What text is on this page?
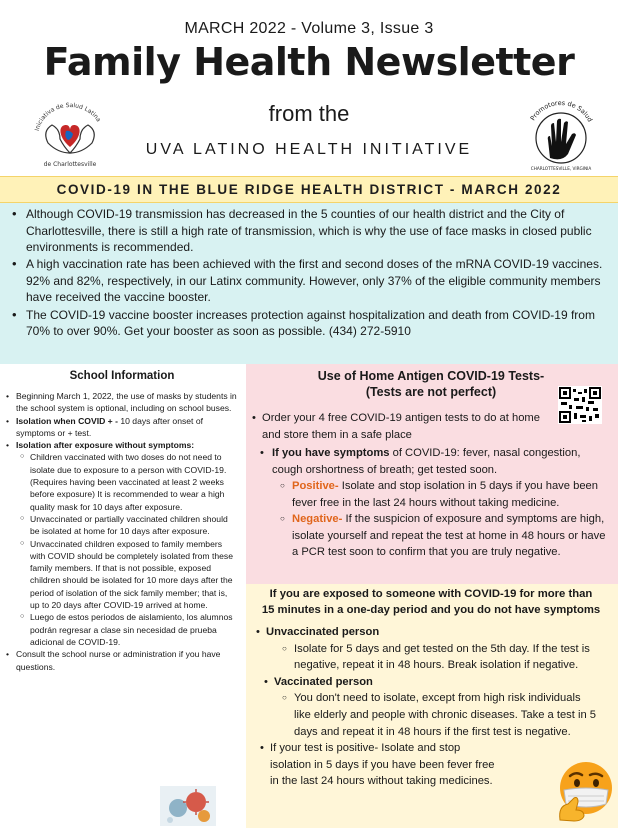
MARCH 2022 - Volume 3, Issue 3
Family Health Newsletter
from the
UVA LATINO HEALTH INITIATIVE
Iniciativa de Salud Latina
de Charlottesville
Promotores de Salud
CHARLOTTESVILLE, VIRGINIA
COVID-19 IN THE BLUE RIDGE HEALTH DISTRICT - MARCH 2022
• Although COVID-19 transmission has decreased in the 5 counties of our health district and the City of Charlottesville, there is still a high rate of transmission, which is why the use of face masks in closed public environments is recommended.
• A high vaccination rate has been achieved with the first and second doses of the mRNA COVID-19 vaccines. 92% and 82%, respectively, in our Latinx community. However, only 37% of the eligible community members have received the vaccine booster.
• The COVID-19 vaccine booster increases protection against hospitalization and death from COVID-19 from 70% to over 90%. Get your booster as soon as possible. (434) 272-5910
School Information
• Beginning March 1, 2022, the use of masks by students in the school system is optional, including on school buses.
• Isolation when COVID + - 10 days after onset of symptoms or + test.
• Isolation after exposure without symptoms:
○ Children vaccinated with two doses do not need to isolate due to exposure to a person with COVID-19. (Requires having been vaccinated at least 2 weeks before exposure) It is recommended to wear a high quality mask for 10 days after exposure.
○ Unvaccinated or partially vaccinated children should be isolated at home for 10 days after exposure.
○ Unvaccinated children exposed to family members with COVID should be completely isolated from these family members. If that is not possible, exposed children should be isolated for 10 more days after the period of isolation of the sick family member; that is, up to 20 days after COVID-19 arrived at home.
○ Luego de estos periodos de aislamiento, los alumnos podrán regresar a clase sin necesidad de prueba adicional de COVID-19.
• Consult the school nurse or administration if you have questions.
Use of Home Antigen COVID-19 Tests-
(Tests are not perfect)
• Order your 4 free COVID-19 antigen tests to do at home and store them in a safe place
• If you have symptoms of COVID-19: fever, nasal congestion, cough orshortness of breath; get tested soon.
○ Positive- Isolate and stop isolation in 5 days if you have been fever free in the last 24 hours without taking medicine.
○ Negative- If the suspicion of exposure and symptoms are high, isolate yourself and repeat the test at home in 48 hours or have a PCR test soon to confirm that you are truly negative.
If you are exposed to someone with COVID-19 for more than
15 minutes in a one-day period and you do not have symptoms
• Unvaccinated person
○ Isolate for 5 days and get tested on the 5th day. If the test is negative, repeat it in 48 hours. Break isolation if negative.
• Vaccinated person
○ You don't need to isolate, except from high risk individuals like elderly and people with chronic diseases. Take a test in 5 days and repeat it in 48 hours if the first test is negative.
• If your test is positive- Isolate and stop isolation in 5 days if you have been fever free in the last 24 hours without taking medicines.
